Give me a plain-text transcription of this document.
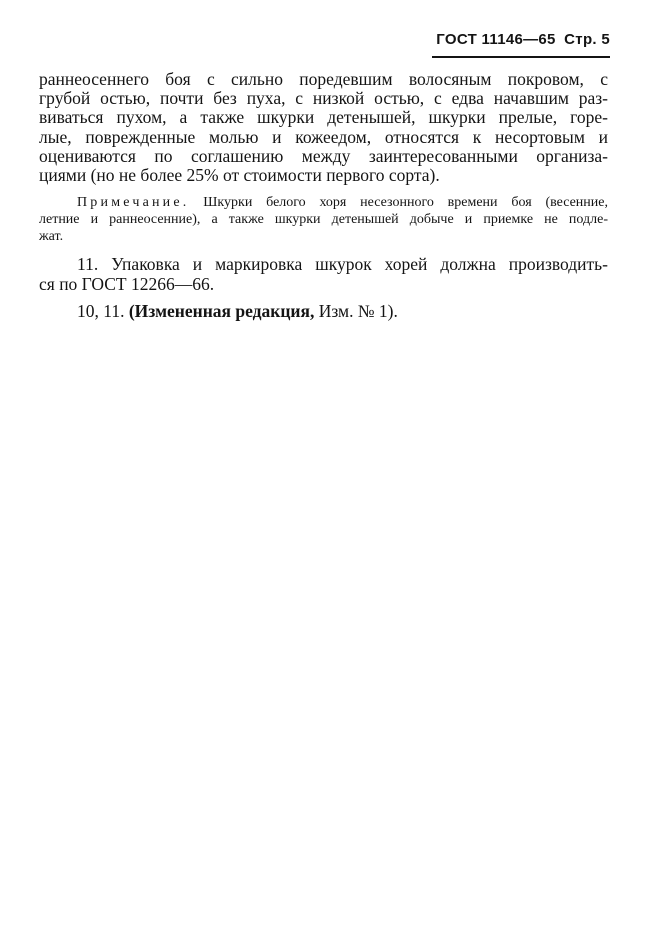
ГОСТ 11146—65 Стр. 5
раннеосеннего боя с сильно поредевшим волосяным покровом, с
грубой остью, почти без пуха, с низкой остью, с едва начавшим раз-
виваться пухом, а также шкурки детенышей, шкурки прелые, горе-
лые, поврежденные молью и кожеедом, относятся к несортовым и
оцениваются по соглашению между заинтересованными организа-
циями (но не более 25% от стоимости первого сорта).
Примечание. Шкурки белого хоря несезонного времени боя (весенние,
летние и раннеосенние), а также шкурки детенышей добыче и приемке не подле-
жат.
11. Упаковка и маркировка шкурок хорей должна производить-
ся по ГОСТ 12266—66.
10, 11. (Измененная редакция, Изм. № 1).
